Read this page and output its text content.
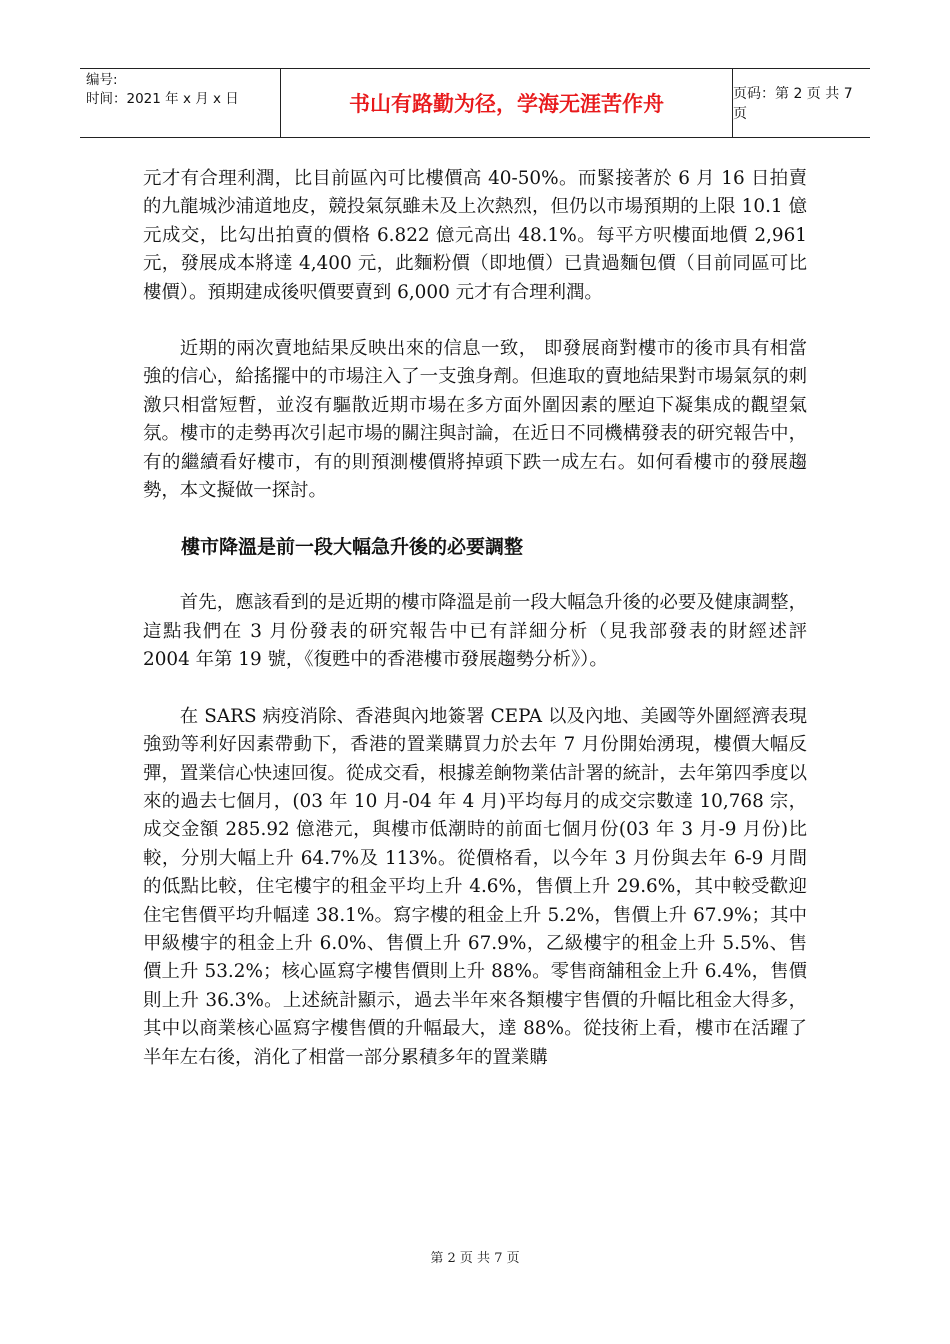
编号:
时间：2021 年 x 月 x 日	书山有路勤为径，学海无涯苦作舟	页码：第 2 页 共 7 页

元才有合理利潤，比目前區內可比樓價高 40-50%。而緊接著於 6 月 16 日拍賣的九龍城沙浦道地皮，競投氣氛雖未及上次熱烈，但仍以市場預期的上限 10.1 億元成交，比勾出拍賣的價格 6.822 億元高出 48.1%。每平方呎樓面地價 2,961 元，發展成本將達 4,400 元，此麵粉價（即地價）已貴過麵包價（目前同區可比樓價）。預期建成後呎價要賣到 6,000 元才有合理利潤。

近期的兩次賣地結果反映出來的信息一致， 即發展商對樓市的後市具有相當強的信心，給搖擺中的市場注入了一支強身劑。但進取的賣地結果對市場氣氛的刺激只相當短暫，並沒有驅散近期市場在多方面外圍因素的壓迫下凝集成的觀望氣氛。樓市的走勢再次引起市場的關注與討論，在近日不同機構發表的研究報告中，有的繼續看好樓市，有的則預測樓價將掉頭下跌一成左右。如何看樓市的發展趨勢，本文擬做一探討。

樓市降溫是前一段大幅急升後的必要調整

首先，應該看到的是近期的樓市降溫是前一段大幅急升後的必要及健康調整，這點我們在 3 月份發表的研究報告中已有詳細分析（見我部發表的財經述評 2004 年第 19 號，《復甦中的香港樓市發展趨勢分析》）。

在 SARS 病疫消除、香港與內地簽署 CEPA 以及內地、美國等外圍經濟表現強勁等利好因素帶動下，香港的置業購買力於去年 7 月份開始湧現，樓價大幅反彈，置業信心快速回復。從成交看，根據差餉物業估計署的統計，去年第四季度以來的過去七個月，(03 年 10 月-04 年 4 月)平均每月的成交宗數達 10,768 宗，成交金額 285.92 億港元，與樓市低潮時的前面七個月份(03 年 3 月-9 月份)比較，分別大幅上升 64.7%及 113%。從價格看，以今年 3 月份與去年 6-9 月間的低點比較，住宅樓宇的租金平均上升 4.6%，售價上升 29.6%，其中較受歡迎住宅售價平均升幅達 38.1%。寫字樓的租金上升 5.2%，售價上升 67.9%；其中甲級樓宇的租金上升 6.0%、售價上升 67.9%，乙級樓宇的租金上升 5.5%、售價上升 53.2%；核心區寫字樓售價則上升 88%。零售商舖租金上升 6.4%，售價則上升 36.3%。上述統計顯示，過去半年來各類樓宇售價的升幅比租金大得多，其中以商業核心區寫字樓售價的升幅最大，達 88%。從技術上看，樓市在活躍了半年左右後，消化了相當一部分累積多年的置業購

第 2 页 共 7 页
